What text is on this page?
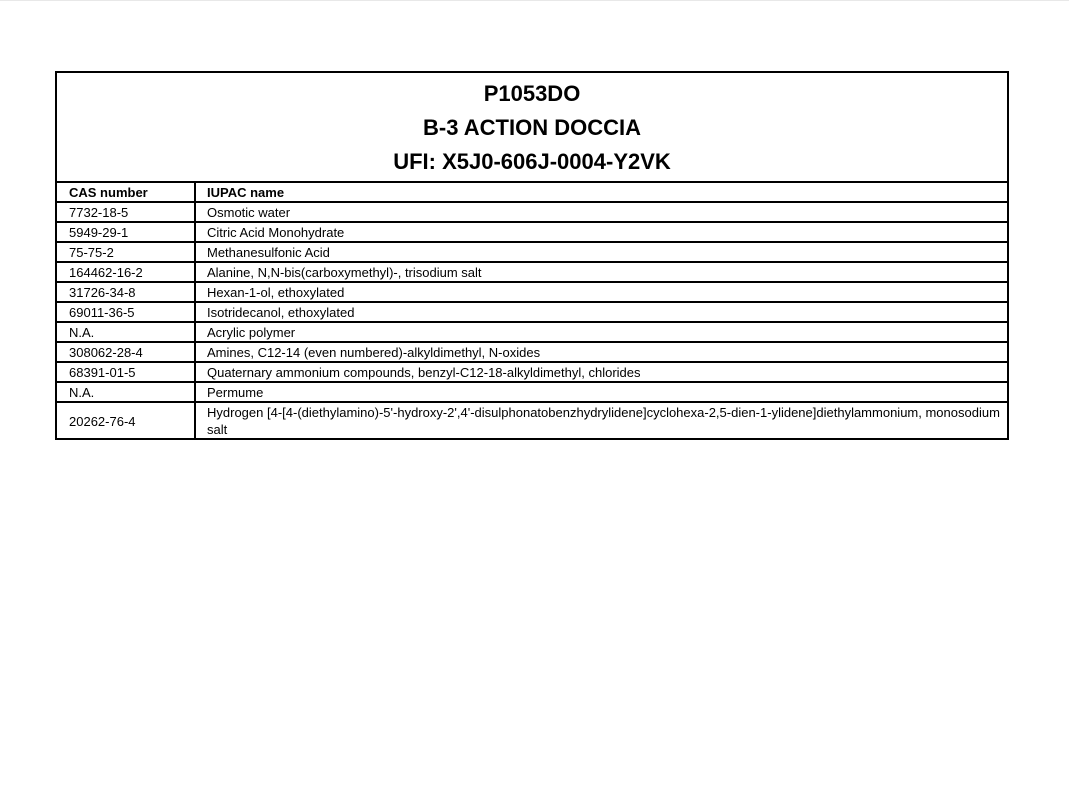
P1053DO
B-3 ACTION DOCCIA
UFI: X5J0-606J-0004-Y2VK
CAS number	IUPAC name
7732-18-5	Osmotic water
5949-29-1	Citric Acid Monohydrate
75-75-2	Methanesulfonic Acid
164462-16-2	Alanine, N,N-bis(carboxymethyl)-, trisodium salt
31726-34-8	Hexan-1-ol, ethoxylated
69011-36-5	Isotridecanol, ethoxylated
N.A.	Acrylic polymer
308062-28-4	Amines, C12-14 (even numbered)-alkyldimethyl, N-oxides
68391-01-5	Quaternary ammonium compounds, benzyl-C12-18-alkyldimethyl, chlorides
N.A.	Permume
20262-76-4	Hydrogen [4-[4-(diethylamino)-5'-hydroxy-2',4'-disulphonatobenzhydrylidene]cyclohexa-2,5-dien-1-ylidene]diethylammonium, monosodium salt
